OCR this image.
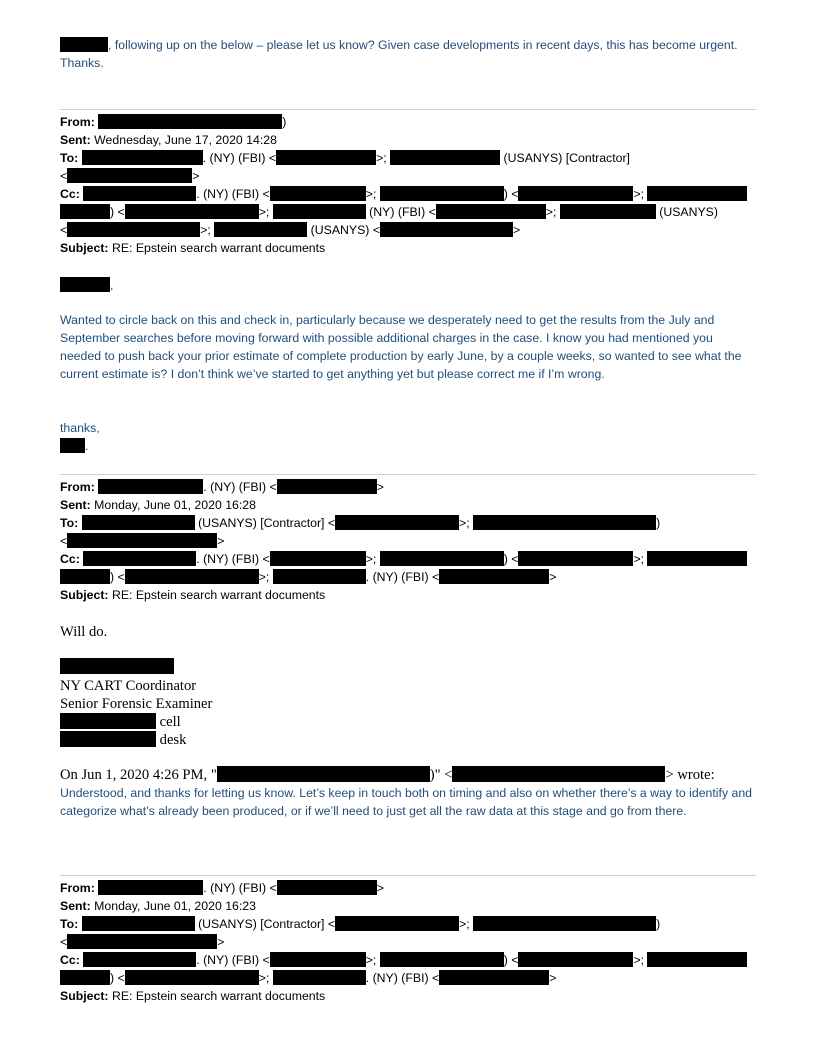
, following up on the below – please let us know? Given case developments in recent days, this has become urgent. Thanks.
From:	)
Sent: Wednesday, June 17, 2020 14:28
To:	. (NY) (FBI) <	>;	(USANYS) [Contractor]
<	>
Cc:	. (NY) (FBI) <	>;	) <	>;
) <	>;	(NY) (FBI) <	>;	(USANYS)
<	>;	(USANYS) <	>
Subject: RE: Epstein search warrant documents
,
Wanted to circle back on this and check in, particularly because we desperately need to get the results from the July and September searches before moving forward with possible additional charges in the case. I know you had mentioned you needed to push back your prior estimate of complete production by early June, by a couple weeks, so wanted to see what the current estimate is? I don’t think we’ve started to get anything yet but please correct me if I’m wrong.
thanks,
.
From:	. (NY) (FBI) <	>
Sent: Monday, June 01, 2020 16:28
To:	(USANYS) [Contractor] <	>;	)
<	>
Cc:	. (NY) (FBI) <	>;	) <	>;
) <	>;	. (NY) (FBI) <	>
Subject: RE: Epstein search warrant documents
Will do.
NY CART Coordinator
Senior Forensic Examiner
cell
desk
On Jun 1, 2020 4:26 PM, "	)" <	> wrote:
Understood, and thanks for letting us know. Let’s keep in touch both on timing and also on whether there’s a way to identify and categorize what’s already been produced, or if we’ll need to just get all the raw data at this stage and go from there.
From:	. (NY) (FBI) <	>
Sent: Monday, June 01, 2020 16:23
To:	(USANYS) [Contractor] <	>;	)
<	>
Cc:	. (NY) (FBI) <	>;	) <	>;
) <	>;	. (NY) (FBI) <	>
Subject: RE: Epstein search warrant documents
